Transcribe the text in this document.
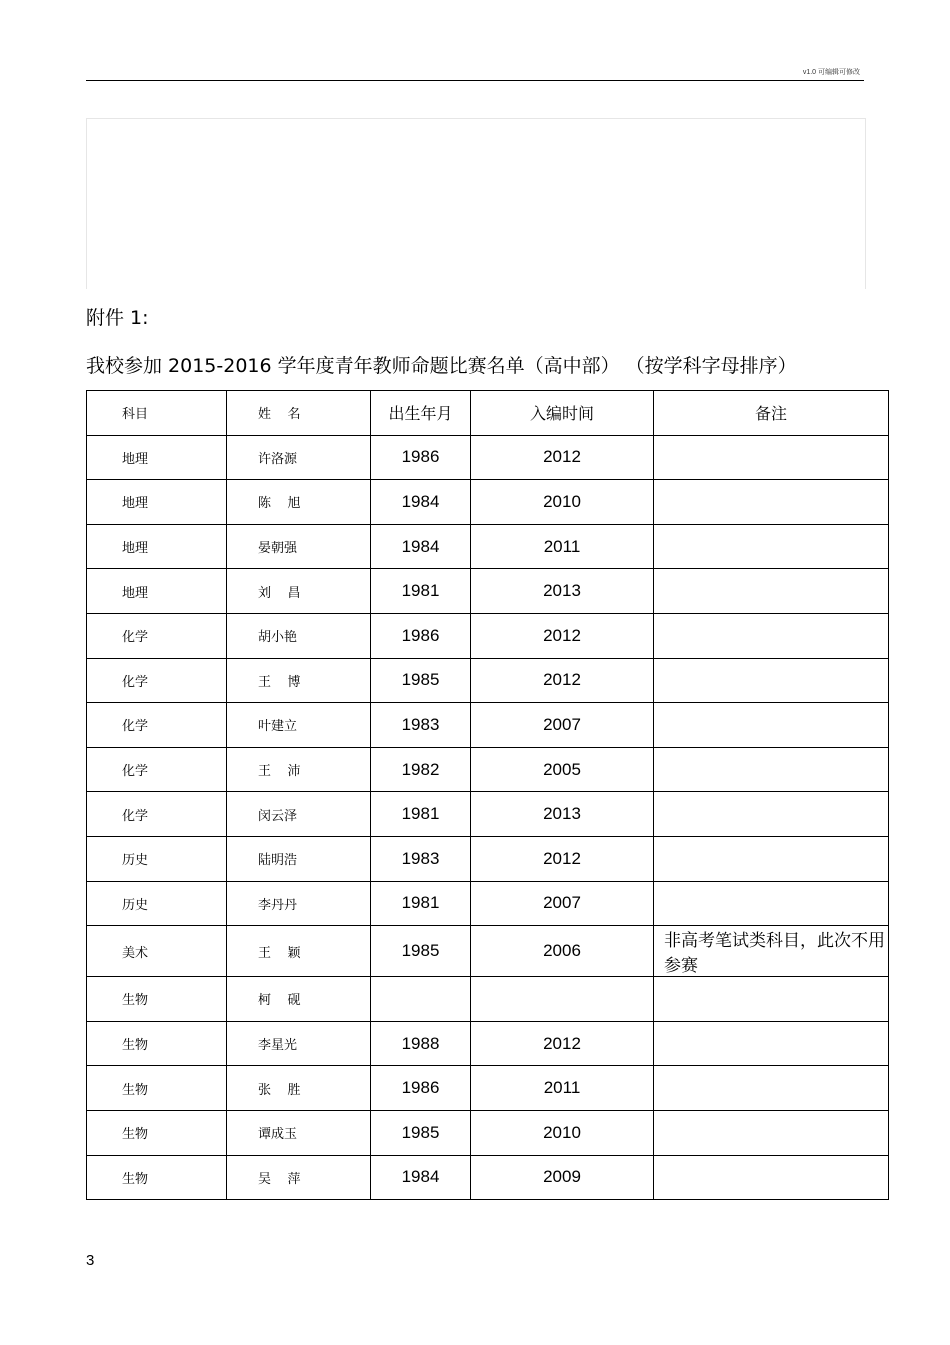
v1.0 可编辑可修改
附件 1:
我校参加 2015-2016 学年度青年教师命题比赛名单（高中部） （按学科字母排序）
科目	姓    名	出生年月	入编时间	备注
地理	许洛源	1986	2012	
地理	陈    旭	1984	2010	
地理	晏朝强	1984	2011	
地理	刘    昌	1981	2013	
化学	胡小艳	1986	2012	
化学	王    博	1985	2012	
化学	叶建立	1983	2007	
化学	王    沛	1982	2005	
化学	闵云泽	1981	2013	
历史	陆明浩	1983	2012	
历史	李丹丹	1981	2007	
美术	王    颖	1985	2006	非高考笔试类科目，此次不用参赛
生物	柯    砚			
生物	李星光	1988	2012	
生物	张    胜	1986	2011	
生物	谭成玉	1985	2010	
生物	吴    萍	1984	2009	
3
